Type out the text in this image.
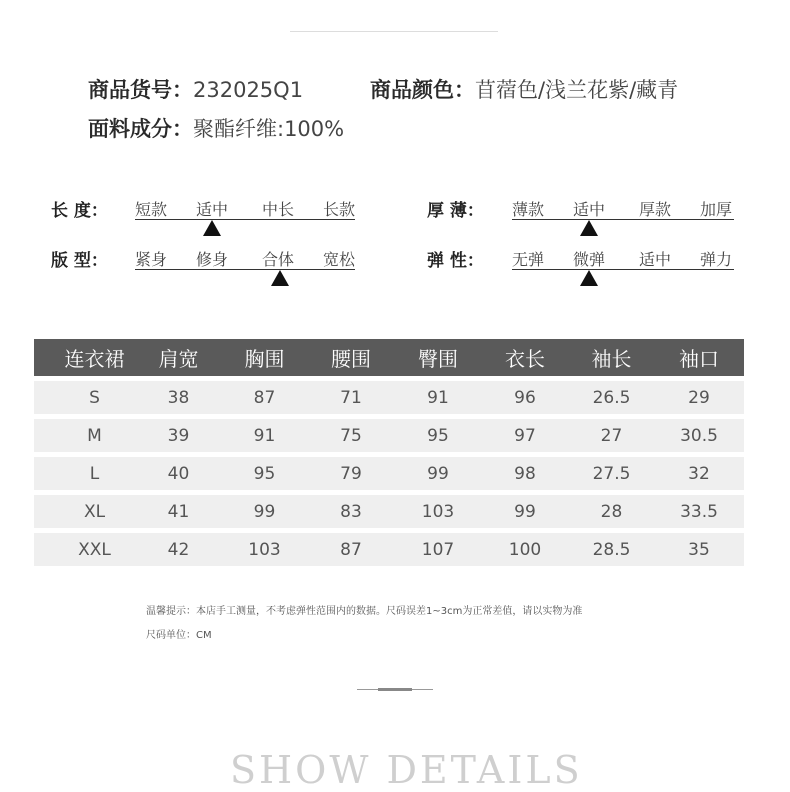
商品货号：232025Q1	商品颜色：苜蓿色/浅兰花紫/藏青
面料成分：聚酯纤维:100%
长 度： 短款 适中 中长 长款
版 型： 紧身 修身 合体 宽松
厚 薄： 薄款 适中 厚款 加厚
弹 性： 无弹 微弹 适中 弹力
连衣裙	肩宽	胸围	腰围	臀围	衣长	袖长	袖口
S	38	87	71	91	96	26.5	29
M	39	91	75	95	97	27	30.5
L	40	95	79	99	98	27.5	32
XL	41	99	83	103	99	28	33.5
XXL	42	103	87	107	100	28.5	35
温馨提示：本店手工测量，不考虑弹性范围内的数据。尺码误差1~3cm为正常差值，请以实物为准
尺码单位：CM
SHOW DETAILS
